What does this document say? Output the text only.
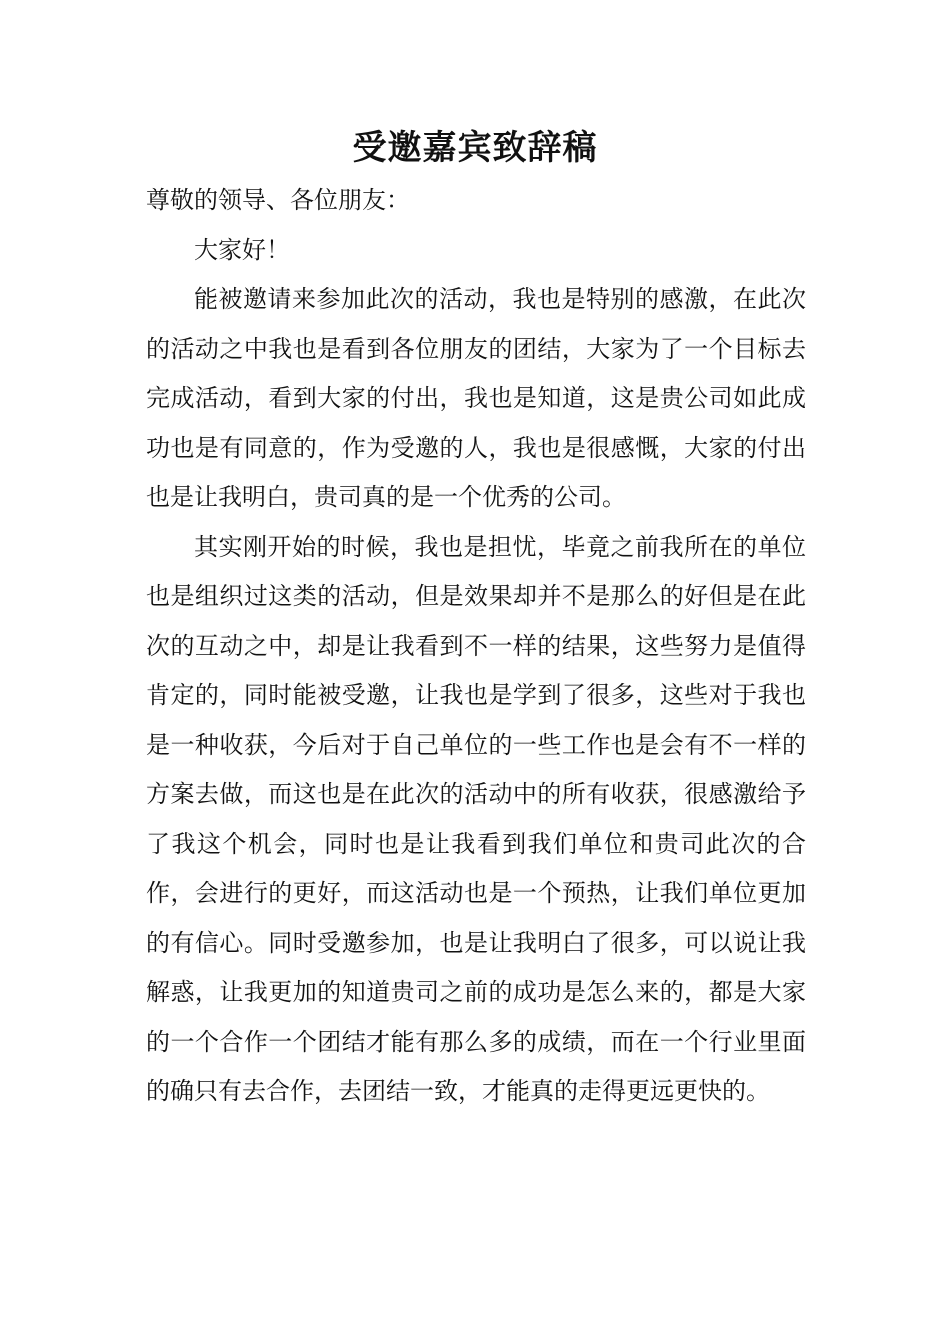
受邀嘉宾致辞稿

尊敬的领导、各位朋友：

大家好！

能被邀请来参加此次的活动，我也是特别的感激，在此次的活动之中我也是看到各位朋友的团结，大家为了一个目标去完成活动，看到大家的付出，我也是知道，这是贵公司如此成功也是有同意的，作为受邀的人，我也是很感慨，大家的付出也是让我明白，贵司真的是一个优秀的公司。

其实刚开始的时候，我也是担忧，毕竟之前我所在的单位也是组织过这类的活动，但是效果却并不是那么的好但是在此次的互动之中，却是让我看到不一样的结果，这些努力是值得肯定的，同时能被受邀，让我也是学到了很多，这些对于我也是一种收获，今后对于自己单位的一些工作也是会有不一样的方案去做，而这也是在此次的活动中的所有收获，很感激给予了我这个机会，同时也是让我看到我们单位和贵司此次的合作，会进行的更好，而这活动也是一个预热，让我们单位更加的有信心。同时受邀参加，也是让我明白了很多，可以说让我解惑，让我更加的知道贵司之前的成功是怎么来的，都是大家的一个合作一个团结才能有那么多的成绩，而在一个行业里面的确只有去合作，去团结一致，才能真的走得更远更快的。
